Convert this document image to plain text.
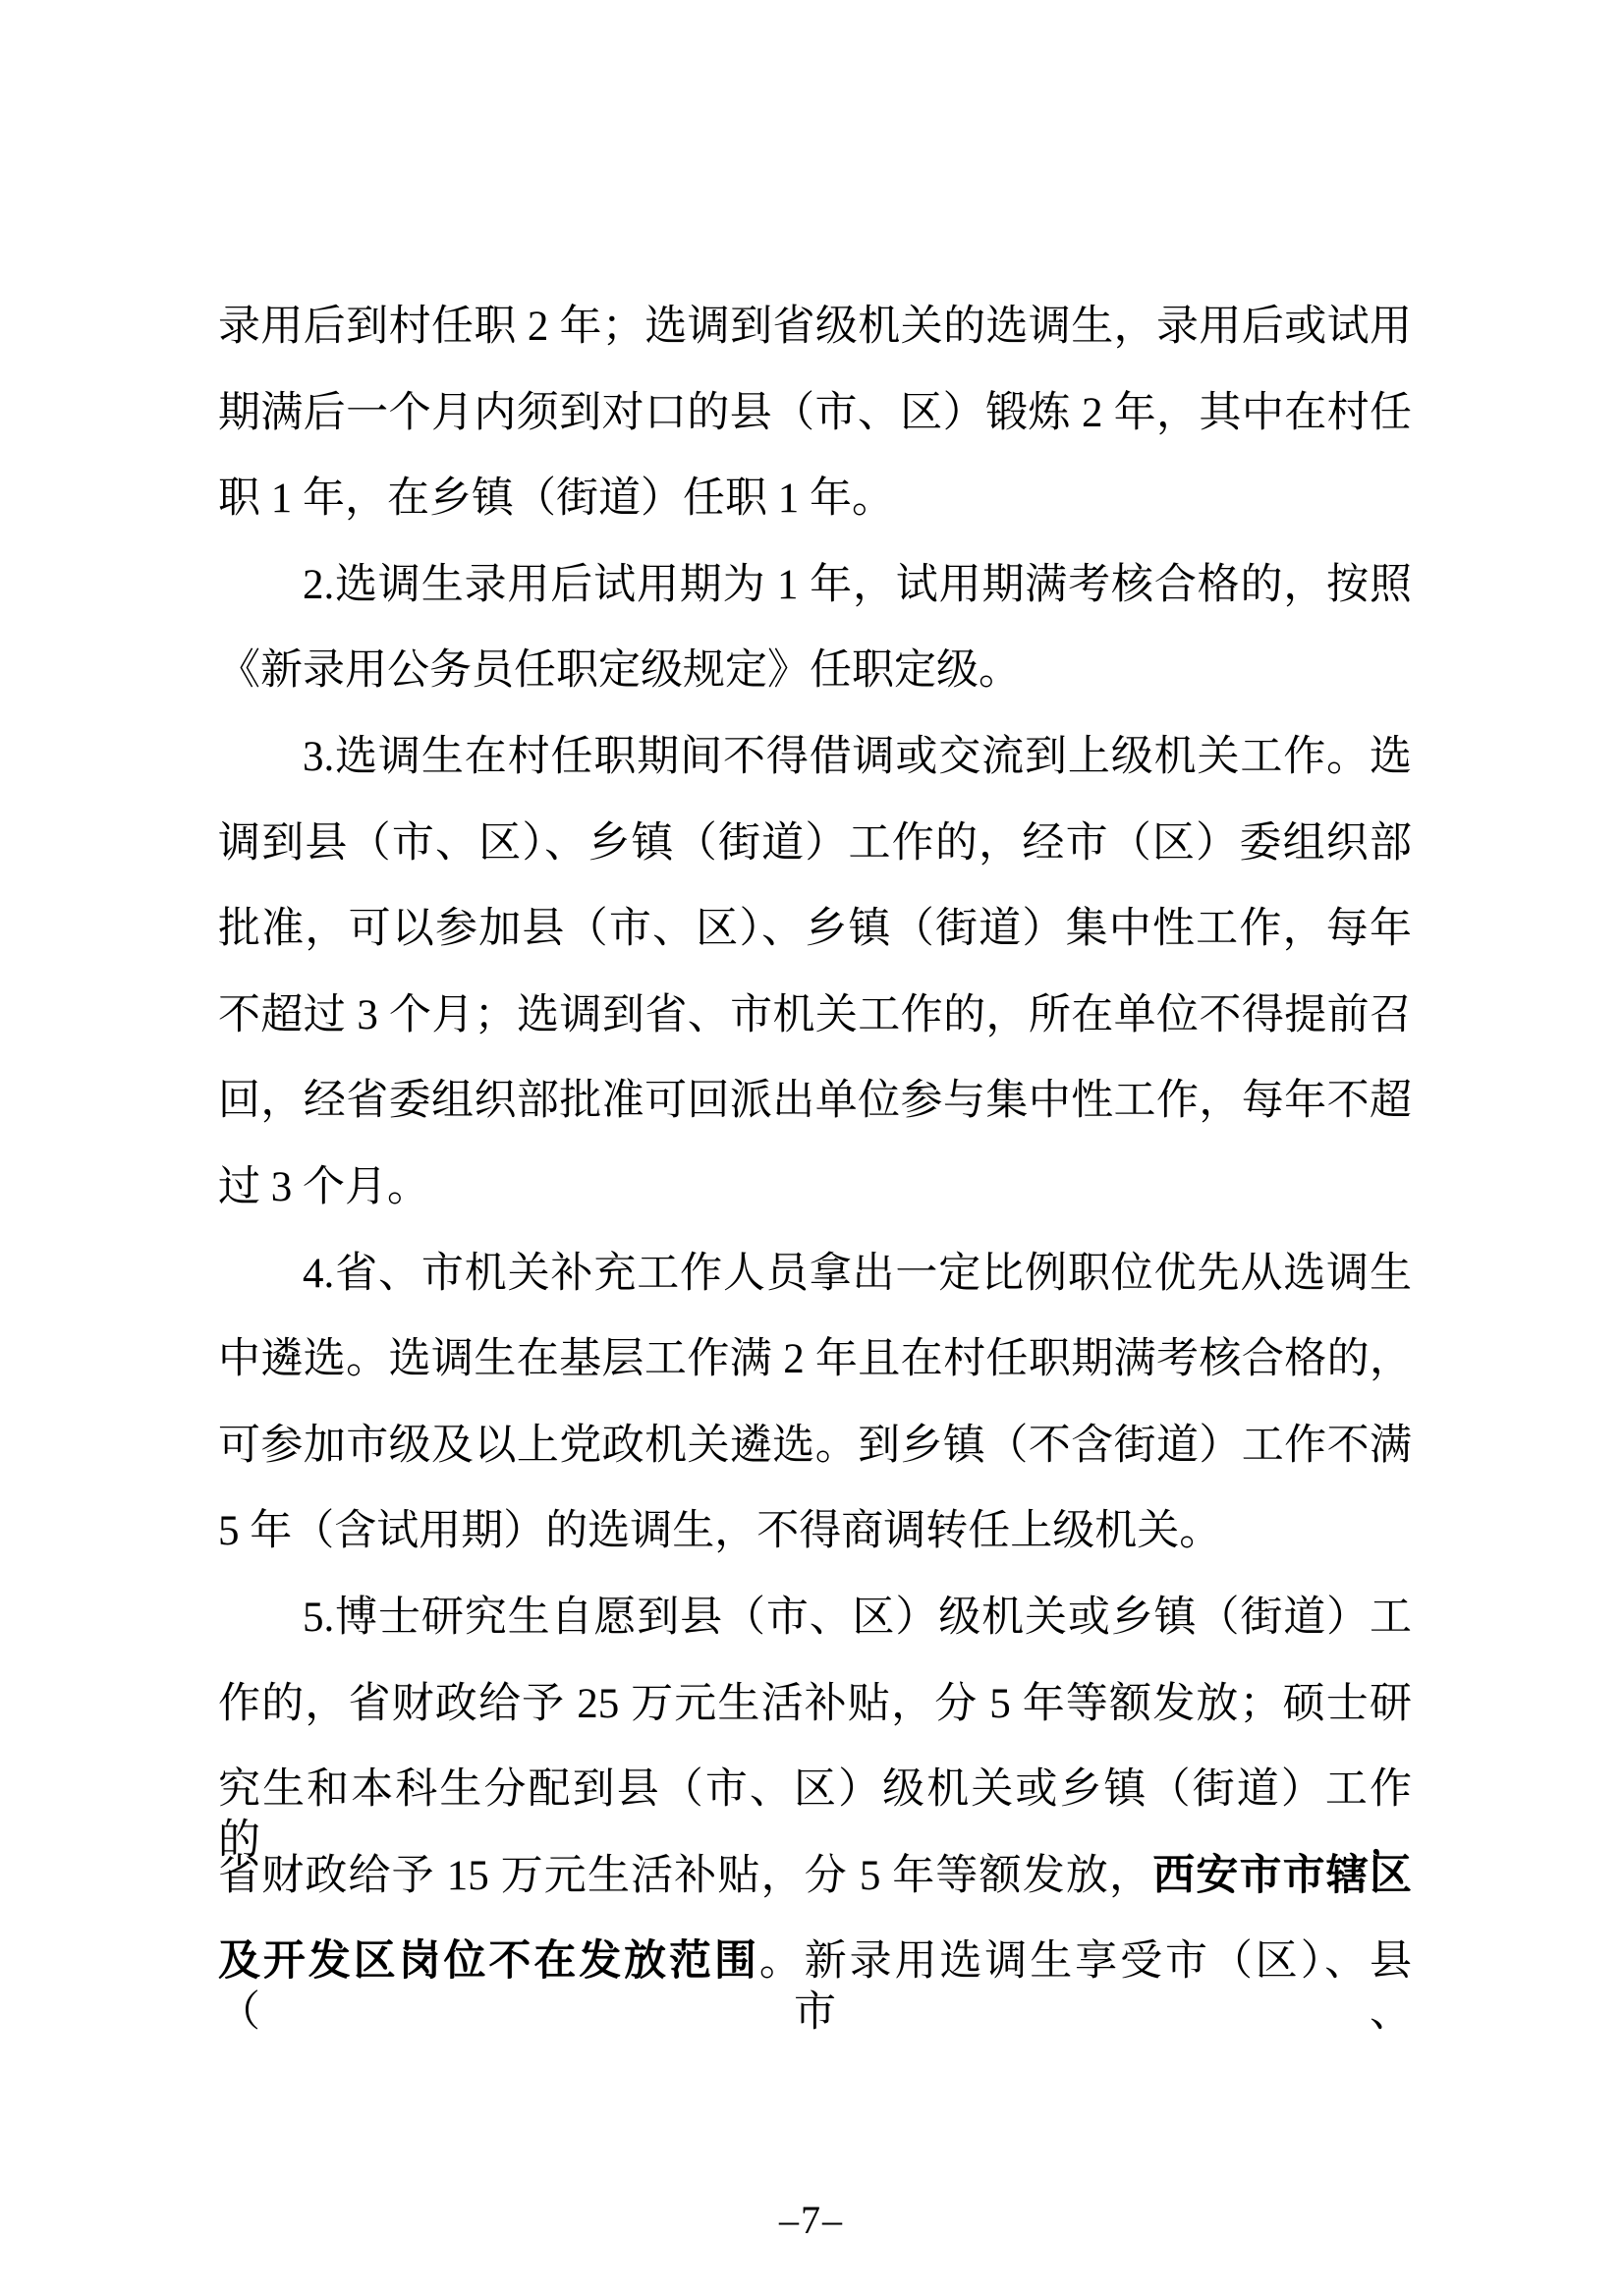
录用后到村任职 2 年；选调到省级机关的选调生，录用后或试用
期满后一个月内须到对口的县（市、区）锻炼 2 年，其中在村任
职 1 年，在乡镇（街道）任职 1 年。
2.选调生录用后试用期为 1 年，试用期满考核合格的，按照
《新录用公务员任职定级规定》任职定级。
3.选调生在村任职期间不得借调或交流到上级机关工作。选
调到县（市、区）、乡镇（街道）工作的，经市（区）委组织部
批准，可以参加县（市、区）、乡镇（街道）集中性工作，每年
不超过 3 个月；选调到省、市机关工作的，所在单位不得提前召
回，经省委组织部批准可回派出单位参与集中性工作，每年不超
过 3 个月。
4.省、市机关补充工作人员拿出一定比例职位优先从选调生
中遴选。选调生在基层工作满 2 年且在村任职期满考核合格的，
可参加市级及以上党政机关遴选。到乡镇（不含街道）工作不满
5 年（含试用期）的选调生，不得商调转任上级机关。
5.博士研究生自愿到县（市、区）级机关或乡镇（街道）工
作的，省财政给予 25 万元生活补贴，分 5 年等额发放；硕士研
究生和本科生分配到县（市、区）级机关或乡镇（街道）工作的，
省财政给予 15 万元生活补贴，分 5 年等额发放，西安市市辖区
及开发区岗位不在发放范围。新录用选调生享受市（区）、县（市、
–7–
